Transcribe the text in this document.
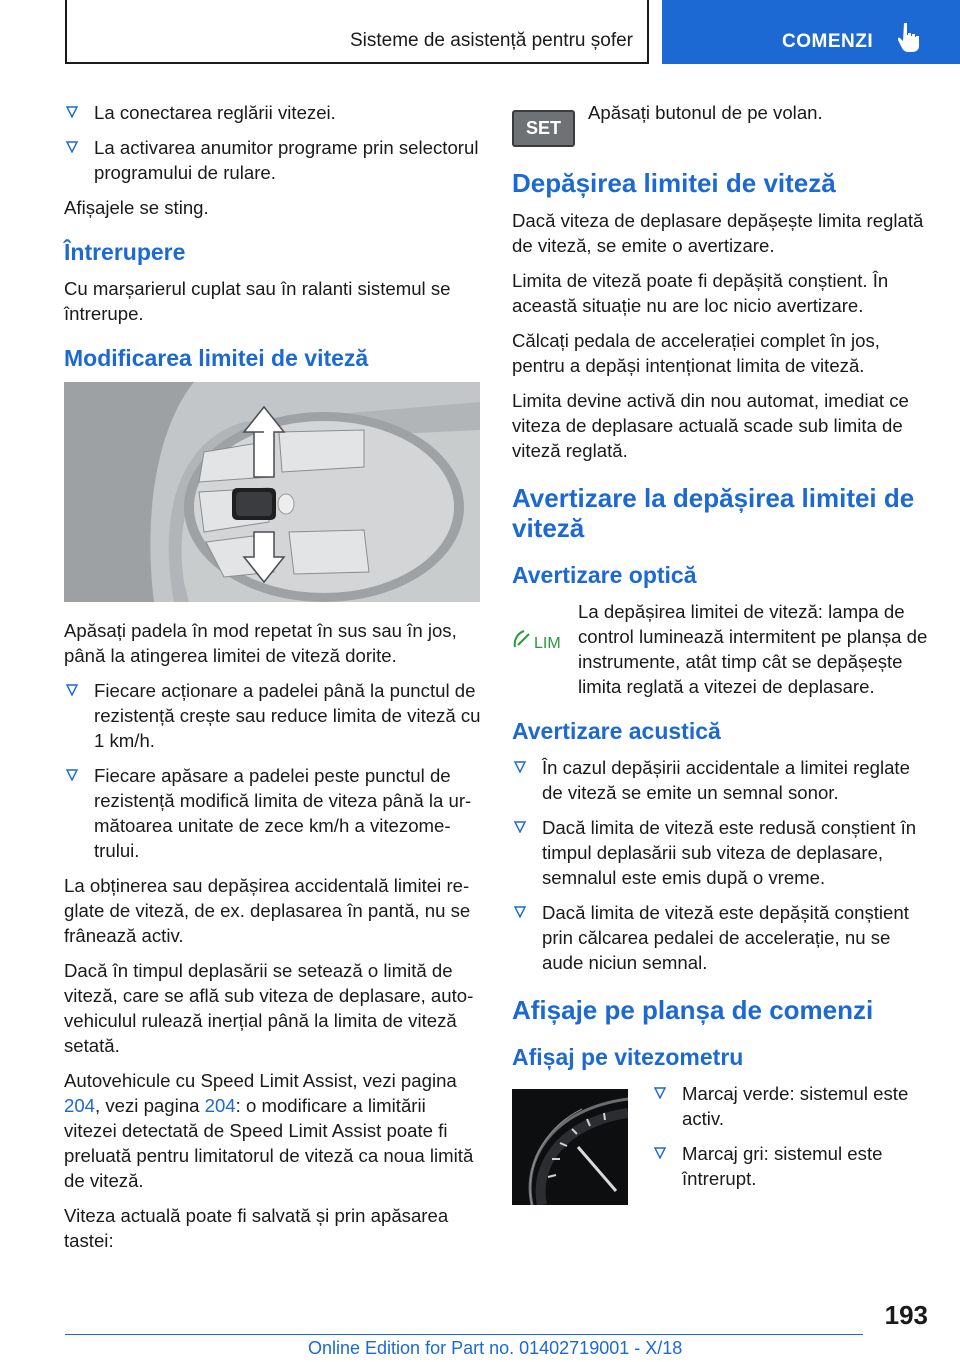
Sisteme de asistență pentru șofer	COMENZI
La conectarea reglării vitezei.
La activarea anumitor programe prin selectorul programului de rulare.

Afișajele se sting.

Întrerupere

Cu marșarierul cuplat sau în ralanti sistemul se întrerupe.

Modificarea limitei de viteză

Apăsați padela în mod repetat în sus sau în jos, până la atingerea limitei de viteză dorite.

Fiecare acționare a padelei până la punctul de rezistență crește sau reduce limita de viteză cu 1 km/h.
Fiecare apăsare a padelei peste punctul de rezistență modifică limita de viteza până la următoarea unitate de zece km/h a vitezometrului.

La obținerea sau depășirea accidentală limitei reglate de viteză, de ex. deplasarea în pantă, nu se frânează activ.

Dacă în timpul deplasării se setează o limită de viteză, care se află sub viteza de deplasare, autovehiculul rulează inerțial până la limita de viteză setată.

Autovehicule cu Speed Limit Assist, vezi pagina 204, vezi pagina 204: o modificare a limitării vitezei detectată de Speed Limit Assist poate fi preluată pentru limitatorul de viteză ca noua limită de viteză.

Viteza actuală poate fi salvată și prin apăsarea tastei:

SET
Apăsați butonul de pe volan.
Depășirea limitei de viteză

Dacă viteza de deplasare depășește limita reglată de viteză, se emite o avertizare.

Limita de viteză poate fi depășită conștient. În această situație nu are loc nicio avertizare.

Călcați pedala de accelerației complet în jos, pentru a depăși intenționat limita de viteză.

Limita devine activă din nou automat, imediat ce viteza de deplasare actuală scade sub limita de viteză reglată.

Avertizare la depășirea limitei de viteză
Avertizare optică
LIM

La depășirea limitei de viteză: lampa de control luminează intermitent pe planșa de instrumente, atât timp cât se depășește limita reglată a vitezei de deplasare.

Avertizare acustică
În cazul depășirii accidentale a limitei reglate de viteză se emite un semnal sonor.
Dacă limita de viteză este redusă conștient în timpul deplasării sub viteza de deplasare, semnalul este emis după o vreme.
Dacă limita de viteză este depășită conștient prin călcarea pedalei de accelerație, nu se aude niciun semnal.
Afișaje pe planșa de comenzi
Afișaj pe vitezometru
Marcaj verde: sistemul este activ.
Marcaj gri: sistemul este întrerupt.
193
Online Edition for Part no. 01402719001 - X/18
